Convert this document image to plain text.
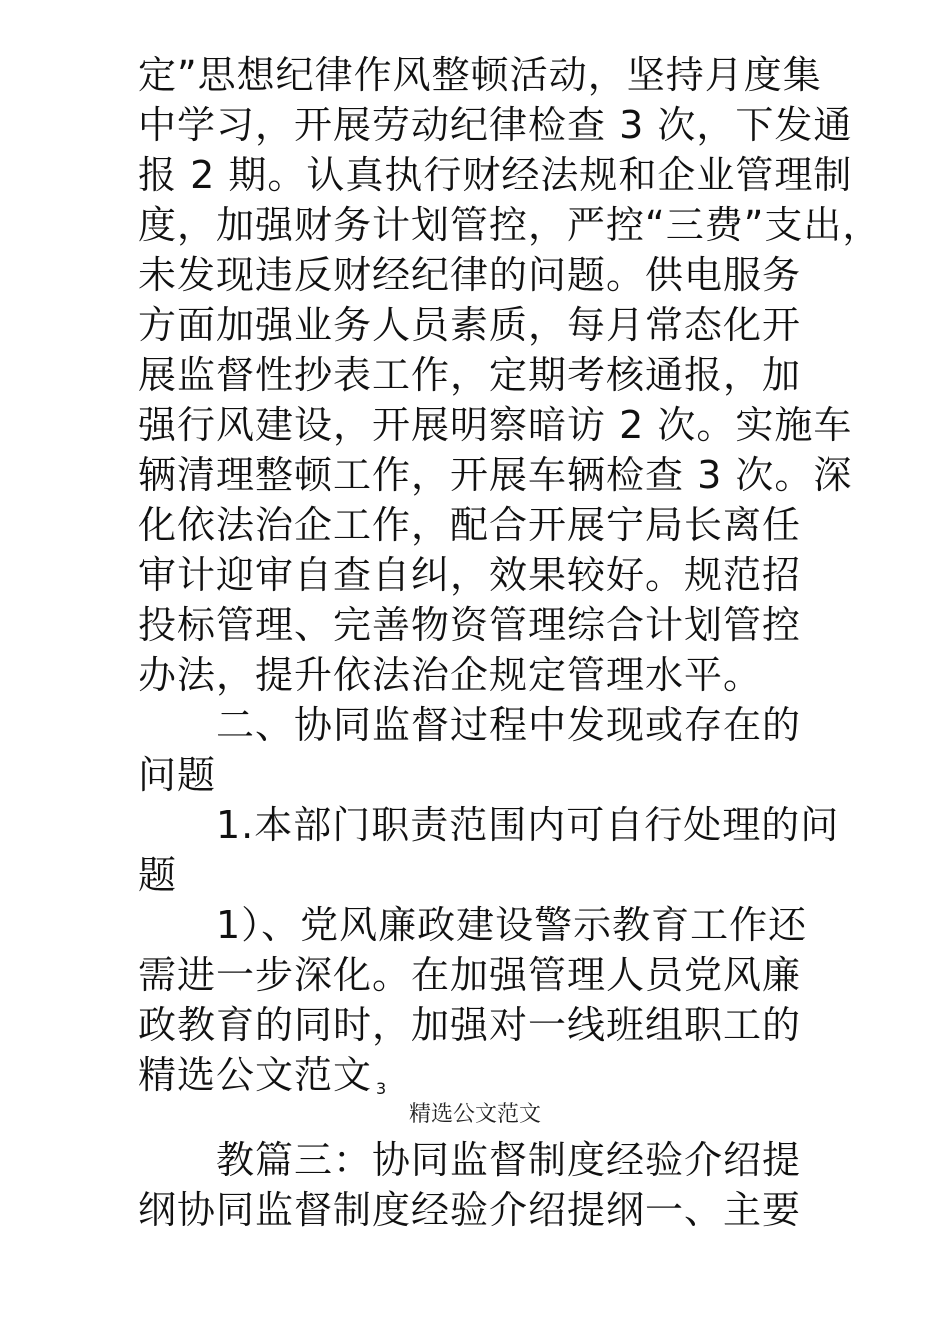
定”思想纪律作风整顿活动，坚持月度集
中学习，开展劳动纪律检查 3 次，下发通
报 2 期。认真执行财经法规和企业管理制
度，加强财务计划管控，严控“三费”支出，
未发现违反财经纪律的问题。供电服务
方面加强业务人员素质，每月常态化开
展监督性抄表工作，定期考核通报，加
强行风建设，开展明察暗访 2 次。实施车
辆清理整顿工作，开展车辆检查 3 次。深
化依法治企工作，配合开展宁局长离任
审计迎审自查自纠，效果较好。规范招
投标管理、完善物资管理综合计划管控
办法，提升依法治企规定管理水平。
二、协同监督过程中发现或存在的
问题
1.本部门职责范围内可自行处理的问
题
1）、党风廉政建设警示教育工作还
需进一步深化。在加强管理人员党风廉
政教育的同时，加强对一线班组职工的
精选公文范文 3
精选公文范文
教篇三：协同监督制度经验介绍提
纲协同监督制度经验介绍提纲一、主要
